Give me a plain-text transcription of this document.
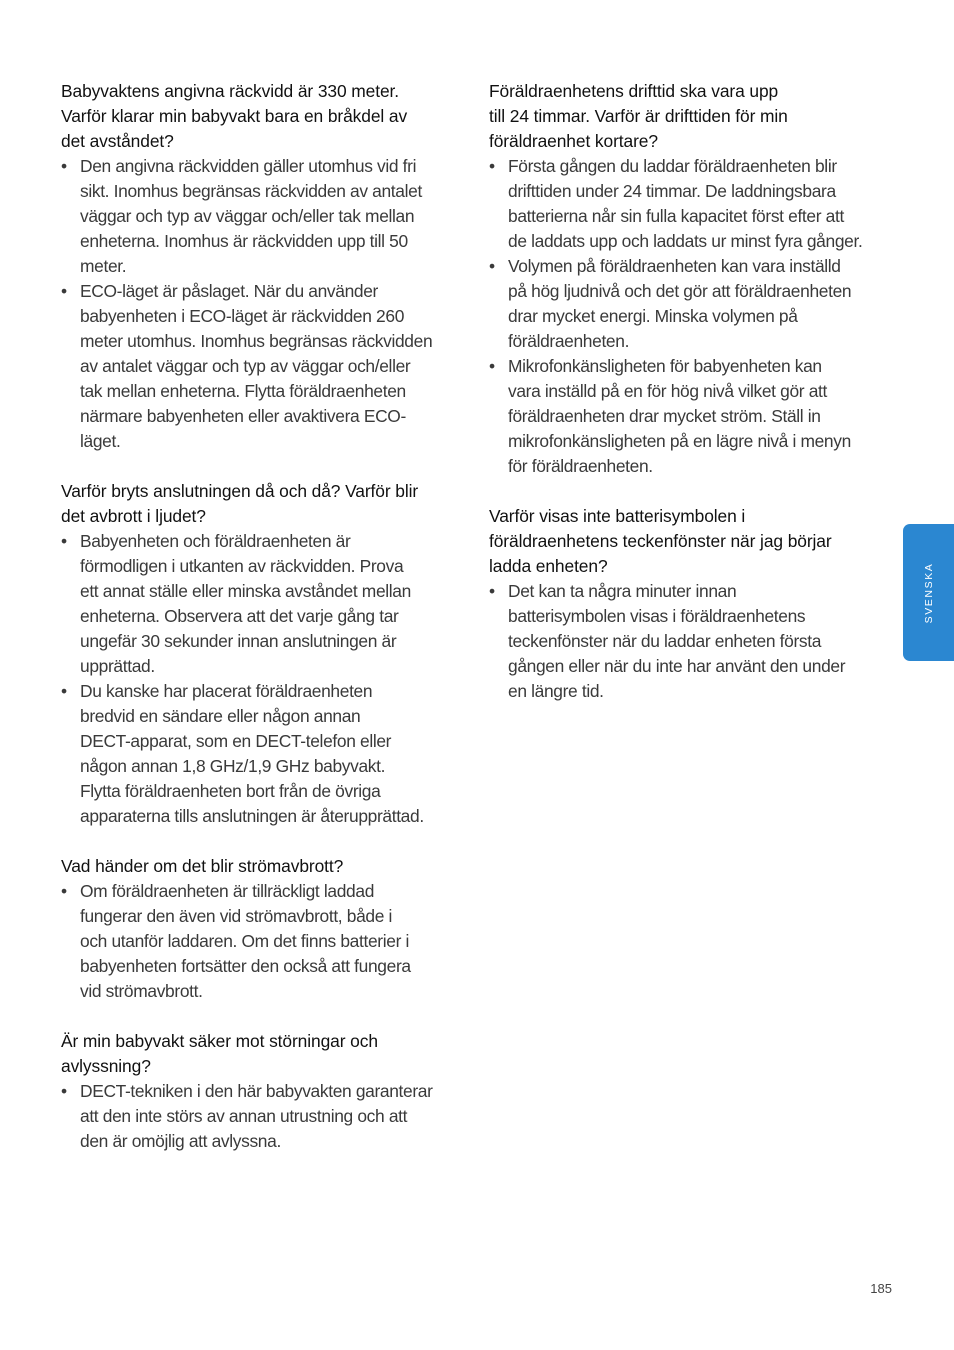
Babyvaktens angivna räckvidd är 330 meter.
Varför klarar min babyvakt bara en bråkdel av
det avståndet?

• Den angivna räckvidden gäller utomhus vid fri
sikt. Inomhus begränsas räckvidden av antalet
väggar och typ av väggar och/eller tak mellan
enheterna. Inomhus är räckvidden upp till 50
meter.
• ECO-läget är påslaget. När du använder
babyenheten i ECO-läget är räckvidden 260
meter utomhus. Inomhus begränsas räckvidden
av antalet väggar och typ av väggar och/eller
tak mellan enheterna. Flytta föräldraenheten
närmare babyenheten eller avaktivera ECO-
läget.

Varför bryts anslutningen då och då? Varför blir
det avbrott i ljudet?

• Babyenheten och föräldraenheten är
förmodligen i utkanten av räckvidden. Prova
ett annat ställe eller minska avståndet mellan
enheterna. Observera att det varje gång tar
ungefär 30 sekunder innan anslutningen är
upprättad.
• Du kanske har placerat föräldraenheten
bredvid en sändare eller någon annan
DECT-apparat, som en DECT-telefon eller
någon annan 1,8 GHz/1,9 GHz babyvakt.
Flytta föräldraenheten bort från de övriga
apparaterna tills anslutningen är återupprättad.

Vad händer om det blir strömavbrott?

• Om föräldraenheten är tillräckligt laddad
fungerar den även vid strömavbrott, både i
och utanför laddaren. Om det finns batterier i
babyenheten fortsätter den också att fungera
vid strömavbrott.

Är min babyvakt säker mot störningar och
avlyssning?

• DECT-tekniken i den här babyvakten garanterar
att den inte störs av annan utrustning och att
den är omöjlig att avlyssna.

Föräldraenhetens drifttid ska vara upp
till 24 timmar. Varför är drifttiden för min
föräldraenhet kortare?

• Första gången du laddar föräldraenheten blir
drifttiden under 24 timmar. De laddningsbara
batterierna når sin fulla kapacitet först efter att
de laddats upp och laddats ur minst fyra gånger.
• Volymen på föräldraenheten kan vara inställd
på hög ljudnivå och det gör att föräldraenheten
drar mycket energi. Minska volymen på
föräldraenheten.
• Mikrofonkänsligheten för babyenheten kan
vara inställd på en för hög nivå vilket gör att
föräldraenheten drar mycket ström. Ställ in
mikrofonkänsligheten på en lägre nivå i menyn
för föräldraenheten.

Varför visas inte batterisymbolen i
föräldraenhetens teckenfönster när jag börjar
ladda enheten?

• Det kan ta några minuter innan
batterisymbolen visas i föräldraenhetens
teckenfönster när du laddar enheten första
gången eller när du inte har använt den under
en längre tid.
SVENSKA
185
